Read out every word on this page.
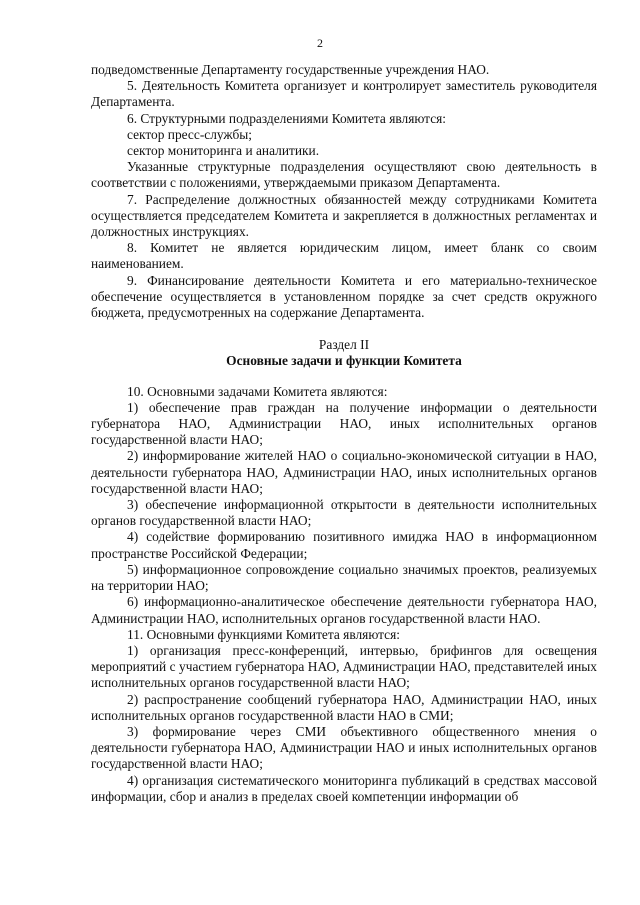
2

подведомственные Департаменту государственные учреждения НАО.

5. Деятельность Комитета организует и контролирует заместитель руководителя Департамента.

6. Структурными подразделениями Комитета являются:

сектор пресс-службы;

сектор мониторинга и аналитики.

Указанные структурные подразделения осуществляют свою деятельность в соответствии с положениями, утверждаемыми приказом Департамента.

7. Распределение должностных обязанностей между сотрудниками Комитета осуществляется председателем Комитета и закрепляется в должностных регламентах и должностных инструкциях.

8. Комитет не является юридическим лицом, имеет бланк со своим наименованием.

9. Финансирование деятельности Комитета и его материально-техническое обеспечение осуществляется в установленном порядке за счет средств окружного бюджета, предусмотренных на содержание Департамента.

Раздел II

Основные задачи и функции Комитета

10. Основными задачами Комитета являются:

1) обеспечение прав граждан на получение информации о деятельности губернатора НАО, Администрации НАО, иных исполнительных органов государственной власти НАО;

2) информирование жителей НАО о социально-экономической ситуации в НАО, деятельности губернатора НАО, Администрации НАО, иных исполнительных органов государственной власти НАО;

3) обеспечение информационной открытости в деятельности исполнительных органов государственной власти НАО;

4) содействие формированию позитивного имиджа НАО в информационном пространстве Российской Федерации;

5) информационное сопровождение социально значимых проектов, реализуемых на территории НАО;

6) информационно-аналитическое обеспечение деятельности губернатора НАО, Администрации НАО, исполнительных органов государственной власти НАО.

11. Основными функциями Комитета являются:

1) организация пресс-конференций, интервью, брифингов для освещения мероприятий с участием губернатора НАО, Администрации НАО, представителей иных исполнительных органов государственной власти НАО;

2) распространение сообщений губернатора НАО, Администрации НАО, иных исполнительных органов государственной власти НАО в СМИ;

3) формирование через СМИ объективного общественного мнения о деятельности губернатора НАО, Администрации НАО и иных исполнительных органов государственной власти НАО;

4) организация систематического мониторинга публикаций в средствах массовой информации, сбор и анализ в пределах своей компетенции информации об
